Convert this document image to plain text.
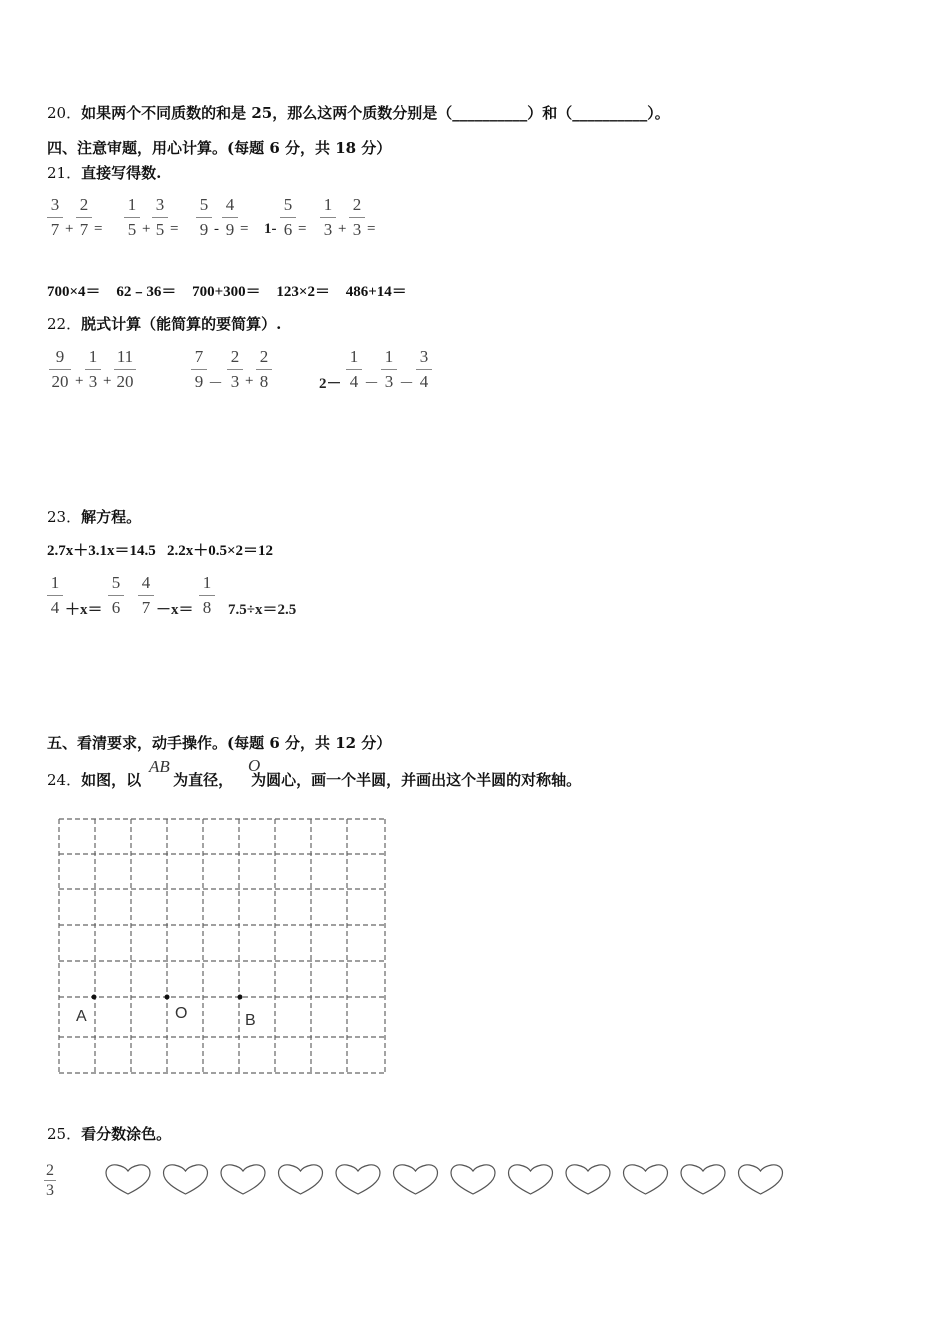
20．如果两个不同质数的和是 25，那么这两个质数分别是（__________）和（__________）。
四、注意审题，用心计算。(每题 6 分，共 18 分）
21．直接写得数.
3
7 +
2
7 =
1
5 +
3
5 =
5
9 -
4
9 = 1-
5
6 =
1
3 +
2
3 =
700×4＝ 62﹣36＝ 700+300＝ 123×2＝ 486+14＝
22．脱式计算（能简算的要简算）.
9
20 +
1
3 +
11
20
7
9 －
2
3 +
2
8	2－
1
4 －
1
3 －
3
4
23．解方程。
2.7x＋3.1x＝14.5   2.2x＋0.5×2＝12
1
4 ＋x＝
5
6
4
7 －x＝
1
8	7.5÷x＝2.5
五、看清要求，动手操作。(每题 6 分，共 12 分）
24．如图，以 为直径， 为圆心，画一个半圆，并画出这个半圆的对称轴。
AB	O
A	O	B
25．看分数涂色。
2
3
